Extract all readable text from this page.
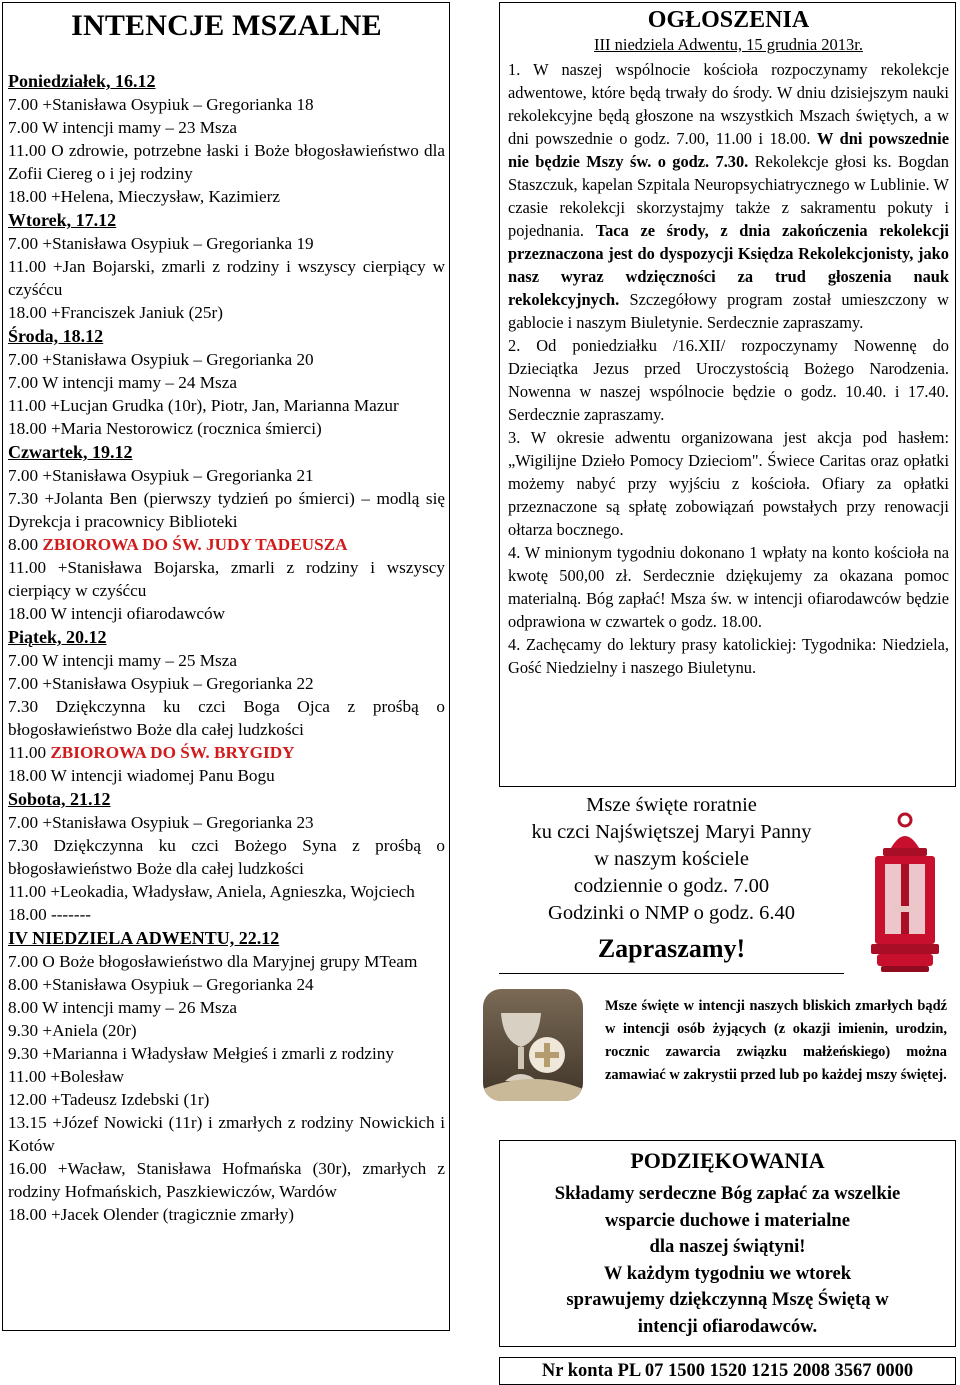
INTENCJE MSZALNE
Poniedziałek, 16.12
7.00 +Stanisława Osypiuk – Gregorianka 18
7.00 W intencji mamy – 23 Msza
11.00 O zdrowie, potrzebne łaski i Boże błogosławieństwo dla Zofii Ciereg o i jej rodziny
18.00 +Helena, Mieczysław, Kazimierz
Wtorek, 17.12
7.00 +Stanisława Osypiuk – Gregorianka 19
11.00 +Jan Bojarski, zmarli z rodziny i wszyscy cierpiący w czyśćcu
18.00 +Franciszek Janiuk (25r)
Środa, 18.12
7.00 +Stanisława Osypiuk – Gregorianka 20
7.00 W intencji mamy – 24 Msza
11.00 +Lucjan Grudka (10r), Piotr, Jan, Marianna Mazur
18.00 +Maria Nestorowicz (rocznica śmierci)
Czwartek, 19.12
7.00 +Stanisława Osypiuk – Gregorianka 21
7.30 +Jolanta Ben (pierwszy tydzień po śmierci) – modlą się Dyrekcja i pracownicy Biblioteki
8.00 ZBIOROWA DO ŚW. JUDY TADEUSZA
11.00 +Stanisława Bojarska, zmarli z rodziny i wszyscy cierpiący w czyśćcu
18.00 W intencji ofiarodawców
Piątek, 20.12
7.00 W intencji mamy – 25 Msza
7.00 +Stanisława Osypiuk – Gregorianka 22
7.30 Dziękczynna ku czci Boga Ojca z prośbą o błogosławieństwo Boże dla całej ludzkości
11.00 ZBIOROWA DO ŚW. BRYGIDY
18.00 W intencji wiadomej Panu Bogu
Sobota, 21.12
7.00 +Stanisława Osypiuk – Gregorianka 23
7.30 Dziękczynna ku czci Bożego Syna z prośbą o błogosławieństwo Boże dla całej ludzkości
11.00 +Leokadia, Władysław, Aniela, Agnieszka, Wojciech
18.00 -------
IV NIEDZIELA ADWENTU, 22.12
7.00 O Boże błogosławieństwo dla Maryjnej grupy MTeam
8.00 +Stanisława Osypiuk – Gregorianka 24
8.00 W intencji mamy – 26 Msza
9.30 +Aniela (20r)
9.30 +Marianna i Władysław Mełgieś i zmarli z rodziny
11.00 +Bolesław
12.00 +Tadeusz Izdebski (1r)
13.15 +Józef Nowicki (11r) i zmarłych z rodziny Nowickich i Kotów
16.00 +Wacław, Stanisława Hofmańska (30r), zmarłych z rodziny Hofmańskich, Paszkiewiczów, Wardów
18.00 +Jacek Olender (tragicznie zmarły)
OGŁOSZENIA
III niedziela Adwentu, 15 grudnia 2013r.

1. W naszej wspólnocie kościoła rozpoczynamy rekolekcje adwentowe, które będą trwały do środy. W dniu dzisiejszym nauki rekolekcyjne będą głoszone na wszystkich Mszach świętych, a w dni powszednie o godz. 7.00, 11.00 i 18.00. W dni powszednie nie będzie Mszy św. o godz. 7.30. Rekolekcje głosi ks. Bogdan Staszczuk, kapelan Szpitala Neuropsychiatrycznego w Lublinie. W czasie rekolekcji skorzystajmy także z sakramentu pokuty i pojednania. Taca ze środy, z dnia zakończenia rekolekcji przeznaczona jest do dyspozycji Księdza Rekolekcjonisty, jako nasz wyraz wdzięczności za trud głoszenia nauk rekolekcyjnych. Szczegółowy program został umieszczony w gablocie i naszym Biuletynie. Serdecznie zapraszamy.

2. Od poniedziałku /16.XII/ rozpoczynamy Nowennę do Dzieciątka Jezus przed Uroczystością Bożego Narodzenia. Nowenna w naszej wspólnocie będzie o godz. 10.40. i 17.40. Serdecznie zapraszamy.

3. W okresie adwentu organizowana jest akcja pod hasłem: „Wigilijne Dzieło Pomocy Dzieciom". Świece Caritas oraz opłatki możemy nabyć przy wyjściu z kościoła. Ofiary za opłatki przeznaczone są spłatę zobowiązań powstałych przy renowacji ołtarza bocznego.

4. W minionym tygodniu dokonano 1 wpłaty na konto kościoła na kwotę 500,00 zł. Serdecznie dziękujemy za okazana pomoc materialną. Bóg zapłać! Msza św. w intencji ofiarodawców będzie odprawiona w czwartek o godz. 18.00.

4. Zachęcamy do lektury prasy katolickiej: Tygodnika: Niedziela, Gość Niedzielny i naszego Biuletynu.

Msze święte roratnie
ku czci Najświętszej Maryi Panny
w naszym kościele
codziennie o godz. 7.00
Godzinki o NMP o godz. 6.40
Zapraszamy!
Msze święte w intencji naszych bliskich zmarłych bądź w intencji osób żyjących (z okazji imienin, urodzin, rocznic zawarcia związku małżeńskiego) można zamawiać w zakrystii przed lub po każdej mszy świętej.
PODZIĘKOWANIA

Składamy serdeczne Bóg zapłać za wszelkie

wsparcie duchowe i materialne

dla naszej świątyni!

W każdym tygodniu we wtorek

sprawujemy dziękczynną Mszę Świętą w

intencji ofiarodawców.

Nr konta PL 07 1500 1520 1215 2008 3567 0000
